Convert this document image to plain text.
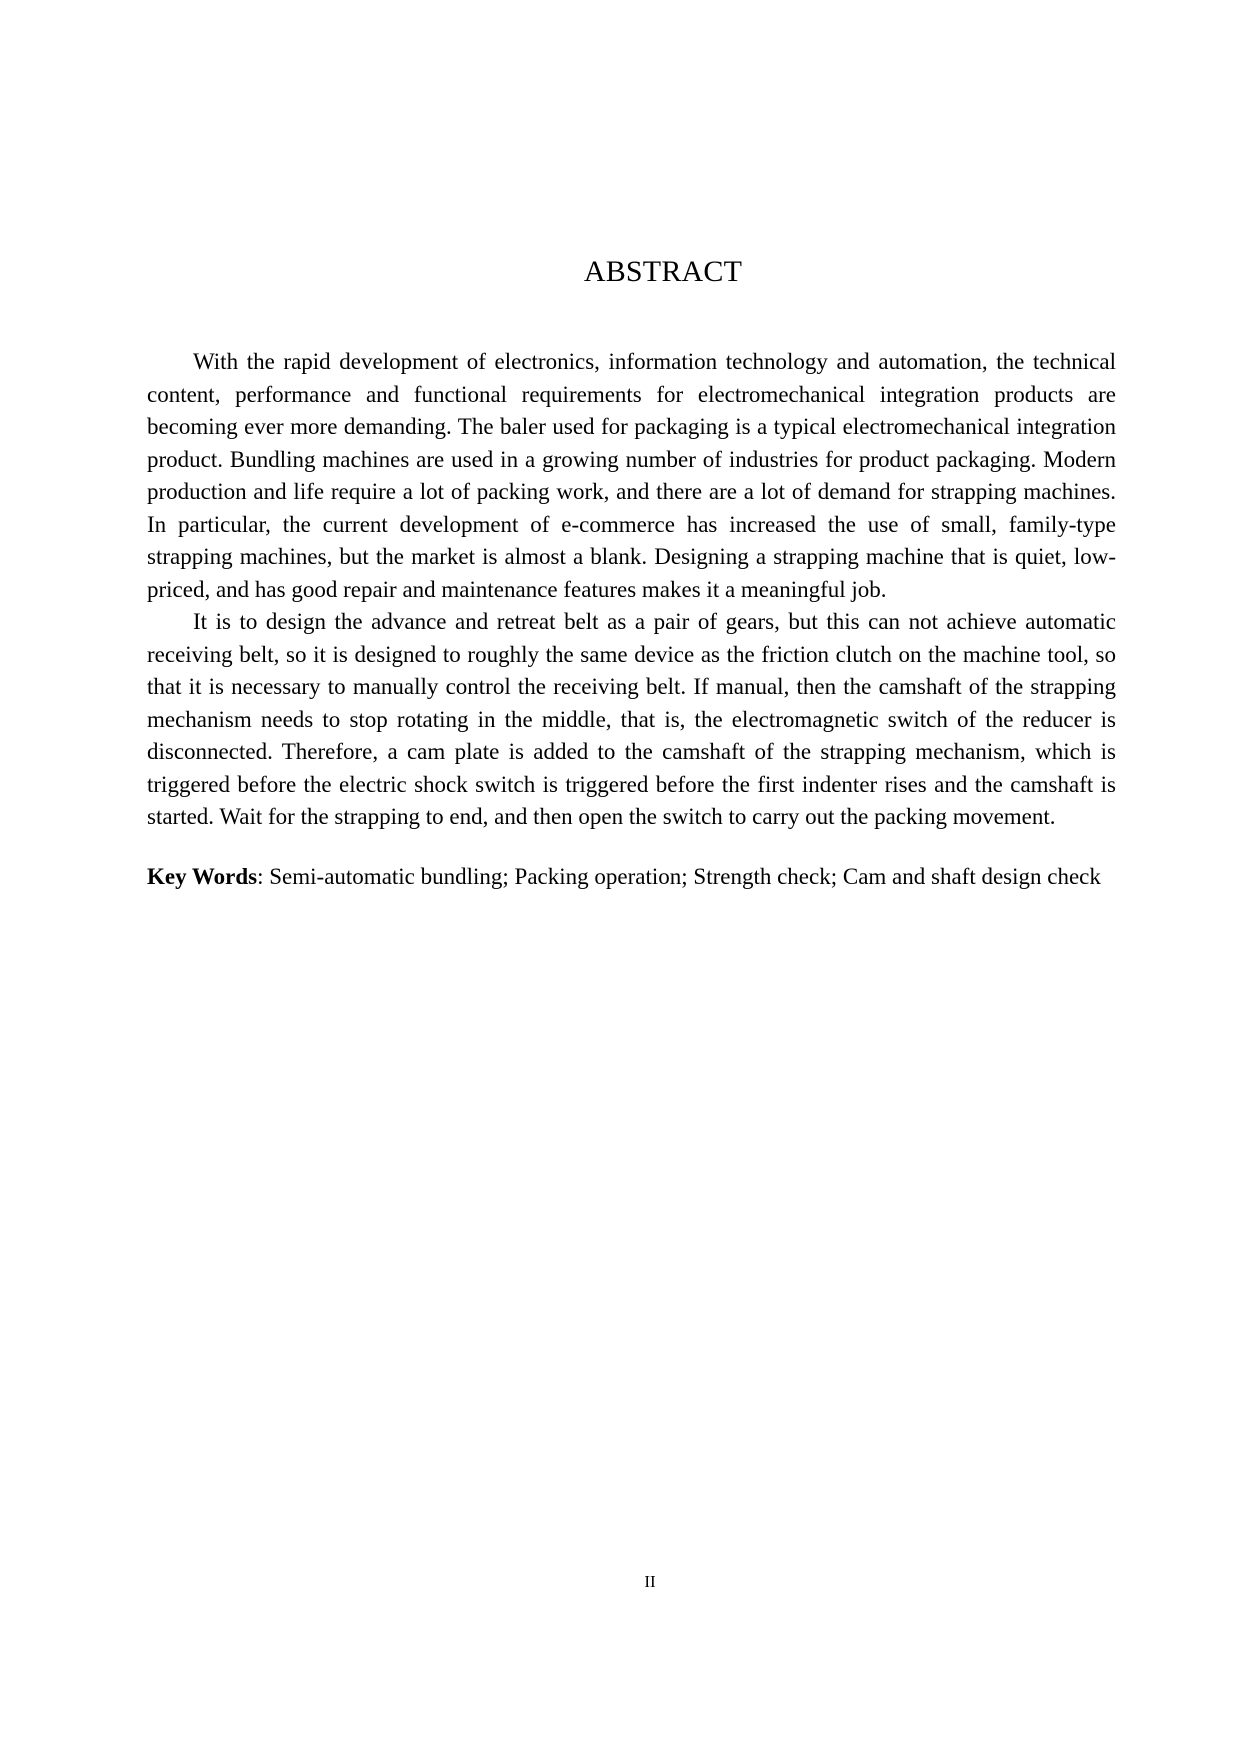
ABSTRACT

With the rapid development of electronics, information technology and automation, the technical content, performance and functional requirements for electromechanical integration products are becoming ever more demanding. The baler used for packaging is a typical electromechanical integration product. Bundling machines are used in a growing number of industries for product packaging. Modern production and life require a lot of packing work, and there are a lot of demand for strapping machines. In particular, the current development of e-commerce has increased the use of small, family-type strapping machines, but the market is almost a blank. Designing a strapping machine that is quiet, low-priced, and has good repair and maintenance features makes it a meaningful job.

It is to design the advance and retreat belt as a pair of gears, but this can not achieve automatic receiving belt, so it is designed to roughly the same device as the friction clutch on the machine tool, so that it is necessary to manually control the receiving belt. If manual, then the camshaft of the strapping mechanism needs to stop rotating in the middle, that is, the electromagnetic switch of the reducer is disconnected. Therefore, a cam plate is added to the camshaft of the strapping mechanism, which is triggered before the electric shock switch is triggered before the first indenter rises and the camshaft is started. Wait for the strapping to end, and then open the switch to carry out the packing movement.

Key Words: Semi-automatic bundling; Packing operation; Strength check; Cam and shaft design check

II
